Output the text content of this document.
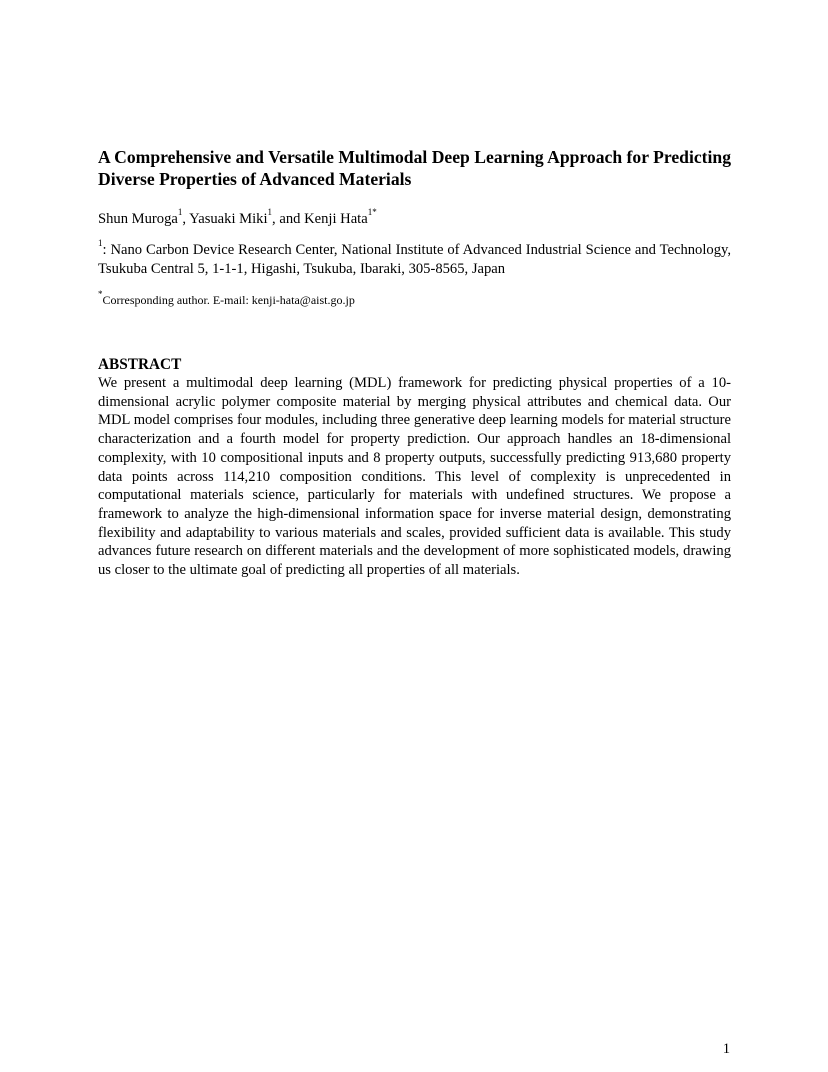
A Comprehensive and Versatile Multimodal Deep Learning Approach for Predicting Diverse Properties of Advanced Materials
Shun Muroga$^1$, Yasuaki Miki$^1$, and Kenji Hata$^{1*}$
$^1$: Nano Carbon Device Research Center, National Institute of Advanced Industrial Science and Technology, Tsukuba Central 5, 1-1-1, Higashi, Tsukuba, Ibaraki, 305-8565, Japan
*Corresponding author. E-mail: kenji-hata@aist.go.jp
ABSTRACT

We present a multimodal deep learning (MDL) framework for predicting physical properties of a 10-dimensional acrylic polymer composite material by merging physical attributes and chemical data. Our MDL model comprises four modules, including three generative deep learning models for material structure characterization and a fourth model for property prediction. Our approach handles an 18-dimensional complexity, with 10 compositional inputs and 8 property outputs, successfully predicting 913,680 property data points across 114,210 composition conditions. This level of complexity is unprecedented in computational materials science, particularly for materials with undefined structures. We propose a framework to analyze the high-dimensional information space for inverse material design, demonstrating flexibility and adaptability to various materials and scales, provided sufficient data is available. This study advances future research on different materials and the development of more sophisticated models, drawing us closer to the ultimate goal of predicting all properties of all materials.

1
